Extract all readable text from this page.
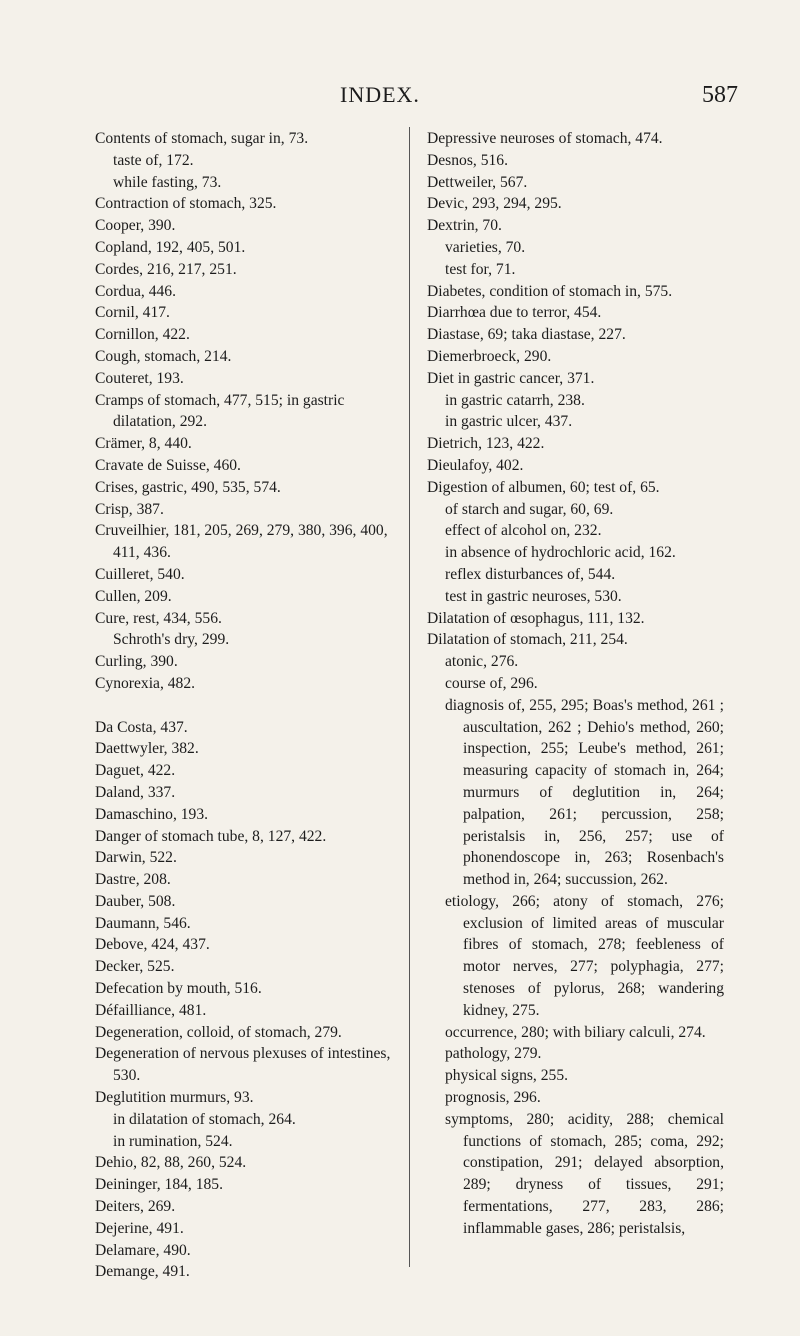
INDEX.	587
Contents of stomach, sugar in, 73.
taste of, 172.
while fasting, 73.
Contraction of stomach, 325.
Cooper, 390.
Copland, 192, 405, 501.
Cordes, 216, 217, 251.
Cordua, 446.
Cornil, 417.
Cornillon, 422.
Cough, stomach, 214.
Couteret, 193.
Cramps of stomach, 477, 515; in gastric dilatation, 292.
Crämer, 8, 440.
Cravate de Suisse, 460.
Crises, gastric, 490, 535, 574.
Crisp, 387.
Cruveilhier, 181, 205, 269, 279, 380, 396, 400, 411, 436.
Cuilleret, 540.
Cullen, 209.
Cure, rest, 434, 556.
Schroth's dry, 299.
Curling, 390.
Cynorexia, 482.
Da Costa, 437.
Daettwyler, 382.
Daguet, 422.
Daland, 337.
Damaschino, 193.
Danger of stomach tube, 8, 127, 422.
Darwin, 522.
Dastre, 208.
Dauber, 508.
Daumann, 546.
Debove, 424, 437.
Decker, 525.
Defecation by mouth, 516.
Défailliance, 481.
Degeneration, colloid, of stomach, 279.
Degeneration of nervous plexuses of intestines, 530.
Deglutition murmurs, 93.
in dilatation of stomach, 264.
in rumination, 524.
Dehio, 82, 88, 260, 524.
Deininger, 184, 185.
Deiters, 269.
Dejerine, 491.
Delamare, 490.
Demange, 491.
Depressive neuroses of stomach, 474.
Desnos, 516.
Dettweiler, 567.
Devic, 293, 294, 295.
Dextrin, 70.
varieties, 70.
test for, 71.
Diabetes, condition of stomach in, 575.
Diarrhœa due to terror, 454.
Diastase, 69; taka diastase, 227.
Diemerbroeck, 290.
Diet in gastric cancer, 371.
in gastric catarrh, 238.
in gastric ulcer, 437.
Dietrich, 123, 422.
Dieulafoy, 402.
Digestion of albumen, 60; test of, 65.
of starch and sugar, 60, 69.
effect of alcohol on, 232.
in absence of hydrochloric acid, 162.
reflex disturbances of, 544.
test in gastric neuroses, 530.
Dilatation of œsophagus, 111, 132.
Dilatation of stomach, 211, 254.
atonic, 276.
course of, 296.
diagnosis of, 255, 295; Boas's method, 261 ; auscultation, 262 ; Dehio's method, 260; inspection, 255; Leube's method, 261; measuring capacity of stomach in, 264; murmurs of deglutition in, 264; palpation, 261; percussion, 258; peristalsis in, 256, 257; use of phonendoscope in, 263; Rosenbach's method in, 264; succussion, 262.
etiology, 266; atony of stomach, 276; exclusion of limited areas of muscular fibres of stomach, 278; feebleness of motor nerves, 277; polyphagia, 277; stenoses of pylorus, 268; wandering kidney, 275.
occurrence, 280; with biliary calculi, 274.
pathology, 279.
physical signs, 255.
prognosis, 296.
symptoms, 280; acidity, 288; chemical functions of stomach, 285; coma, 292; constipation, 291; delayed absorption, 289; dryness of tissues, 291; fermentations, 277, 283, 286; inflammable gases, 286; peristalsis,
